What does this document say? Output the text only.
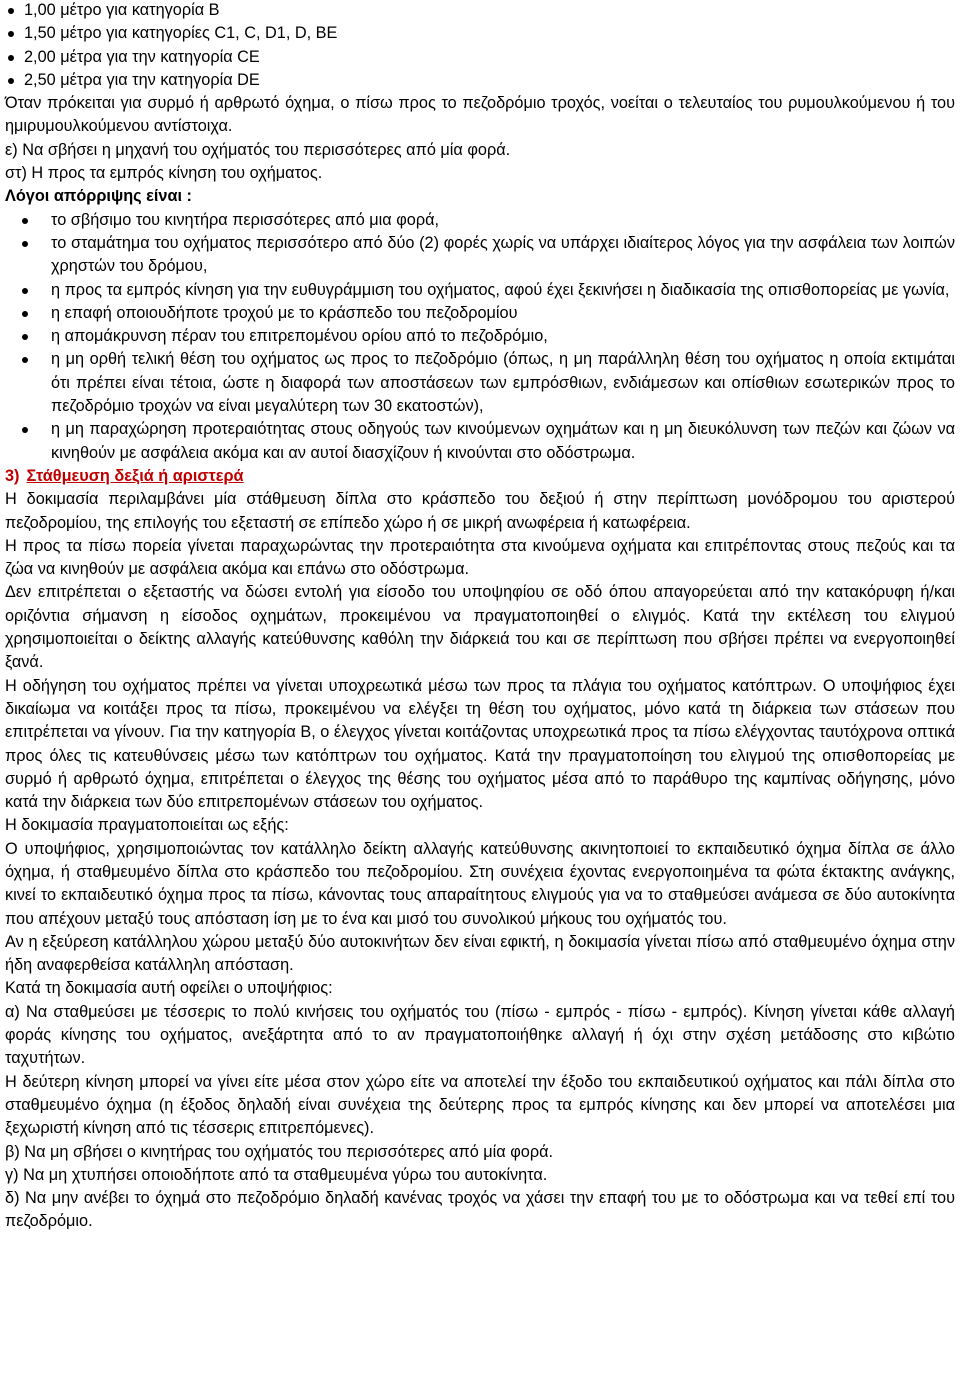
1,00 μέτρο για κατηγορία Β
1,50 μέτρο για κατηγορίες C1, C, D1, D, BE
2,00 μέτρα για την κατηγορία CE
2,50 μέτρα για την κατηγορία DE

Όταν πρόκειται για συρμό ή αρθρωτό όχημα, ο πίσω προς το πεζοδρόμιο τροχός, νοείται ο τελευταίος του ρυμουλκούμενου ή του ημιρυμουλκούμενου αντίστοιχα.

ε) Να σβήσει η μηχανή του οχήματός του περισσότερες από μία φορά.

στ) Η προς τα εμπρός κίνηση του οχήματος.

Λόγοι απόρριψης είναι :

το σβήσιμο του κινητήρα περισσότερες από μια φορά,
το σταμάτημα του οχήματος περισσότερο από δύο (2) φορές χωρίς να υπάρχει ιδιαίτερος λόγος για την ασφάλεια των λοιπών χρηστών του δρόμου,
η προς τα εμπρός κίνηση για την ευθυγράμμιση του οχήματος, αφού έχει ξεκινήσει η διαδικασία της οπισθοπορείας με γωνία,
η επαφή οποιουδήποτε τροχού με το κράσπεδο του πεζοδρομίου
η απομάκρυνση πέραν του επιτρεπομένου ορίου από το πεζοδρόμιο,
η μη ορθή τελική θέση του οχήματος ως προς το πεζοδρόμιο (όπως, η μη παράλληλη θέση του οχήματος η οποία εκτιμάται ότι πρέπει είναι τέτοια, ώστε η διαφορά των αποστάσεων των εμπρόσθιων, ενδιάμεσων και οπίσθιων εσωτερικών προς το πεζοδρόμιο τροχών να είναι μεγαλύτερη των 30 εκατοστών),
η μη παραχώρηση προτεραιότητας στους οδηγούς των κινούμενων οχημάτων και η μη διευκόλυνση των πεζών και ζώων να κινηθούν με ασφάλεια ακόμα και αν αυτοί διασχίζουν ή κινούνται στο οδόστρωμα.

3) Στάθμευση δεξιά ή αριστερά

Η δοκιμασία περιλαμβάνει μία στάθμευση δίπλα στο κράσπεδο του δεξιού ή στην περίπτωση μονόδρομου του αριστερού πεζοδρομίου, της επιλογής του εξεταστή σε επίπεδο χώρο ή σε μικρή ανωφέρεια ή κατωφέρεια.

Η προς τα πίσω πορεία γίνεται παραχωρώντας την προτεραιότητα στα κινούμενα οχήματα και επιτρέποντας στους πεζούς και τα ζώα να κινηθούν με ασφάλεια ακόμα και επάνω στο οδόστρωμα.

Δεν επιτρέπεται ο εξεταστής να δώσει εντολή για είσοδο του υποψηφίου σε οδό όπου απαγορεύεται από την κατακόρυφη ή/και οριζόντια σήμανση η είσοδος οχημάτων, προκειμένου να πραγματοποιηθεί ο ελιγμός. Κατά την εκτέλεση του ελιγμού χρησιμοποιείται ο δείκτης αλλαγής κατεύθυνσης καθόλη την διάρκειά του και σε περίπτωση που σβήσει πρέπει να ενεργοποιηθεί ξανά.

Η οδήγηση του οχήματος πρέπει να γίνεται υποχρεωτικά μέσω των προς τα πλάγια του οχήματος κατόπτρων. Ο υποψήφιος έχει δικαίωμα να κοιτάξει προς τα πίσω, προκειμένου να ελέγξει τη θέση του οχήματος, μόνο κατά τη διάρκεια των στάσεων που επιτρέπεται να γίνουν. Για την κατηγορία Β, ο έλεγχος γίνεται κοιτάζοντας υποχρεωτικά προς τα πίσω ελέγχοντας ταυτόχρονα οπτικά προς όλες τις κατευθύνσεις μέσω των κατόπτρων του οχήματος. Κατά την πραγματοποίηση του ελιγμού της οπισθοπορείας με συρμό ή αρθρωτό όχημα, επιτρέπεται ο έλεγχος της θέσης του οχήματος μέσα από το παράθυρο της καμπίνας οδήγησης, μόνο κατά την διάρκεια των δύο επιτρεπομένων στάσεων του οχήματος.

Η δοκιμασία πραγματοποιείται ως εξής:

Ο υποψήφιος, χρησιμοποιώντας τον κατάλληλο δείκτη αλλαγής κατεύθυνσης ακινητοποιεί το εκπαιδευτικό όχημα δίπλα σε άλλο όχημα, ή σταθμευμένο δίπλα στο κράσπεδο του πεζοδρομίου. Στη συνέχεια έχοντας ενεργοποιημένα τα φώτα έκτακτης ανάγκης, κινεί το εκπαιδευτικό όχημα προς τα πίσω, κάνοντας τους απαραίτητους ελιγμούς για να το σταθμεύσει ανάμεσα σε δύο αυτοκίνητα που απέχουν μεταξύ τους απόσταση ίση με το ένα και μισό του συνολικού μήκους του οχήματός του.

Αν η εξεύρεση κατάλληλου χώρου μεταξύ δύο αυτοκινήτων δεν είναι εφικτή, η δοκιμασία γίνεται πίσω από σταθμευμένο όχημα στην ήδη αναφερθείσα κατάλληλη απόσταση.

Κατά τη δοκιμασία αυτή οφείλει ο υποψήφιος:

α) Να σταθμεύσει με τέσσερις το πολύ κινήσεις του οχήματός του (πίσω - εμπρός - πίσω - εμπρός). Κίνηση γίνεται κάθε αλλαγή φοράς κίνησης του οχήματος, ανεξάρτητα από το αν πραγματοποιήθηκε αλλαγή ή όχι στην σχέση μετάδοσης στο κιβώτιο ταχυτήτων.

Η δεύτερη κίνηση μπορεί να γίνει είτε μέσα στον χώρο είτε να αποτελεί την έξοδο του εκπαιδευτικού οχήματος και πάλι δίπλα στο σταθμευμένο όχημα (η έξοδος δηλαδή είναι συνέχεια της δεύτερης προς τα εμπρός κίνησης και δεν μπορεί να αποτελέσει μια ξεχωριστή κίνηση από τις τέσσερις επιτρεπόμενες).

β) Να μη σβήσει ο κινητήρας του οχήματός του περισσότερες από μία φορά.

γ) Να μη χτυπήσει οποιοδήποτε από τα σταθμευμένα γύρω του αυτοκίνητα.

δ) Να μην ανέβει το όχημά στο πεζοδρόμιο δηλαδή κανένας τροχός να χάσει την επαφή του με το οδόστρωμα και να τεθεί επί του πεζοδρόμιο.
